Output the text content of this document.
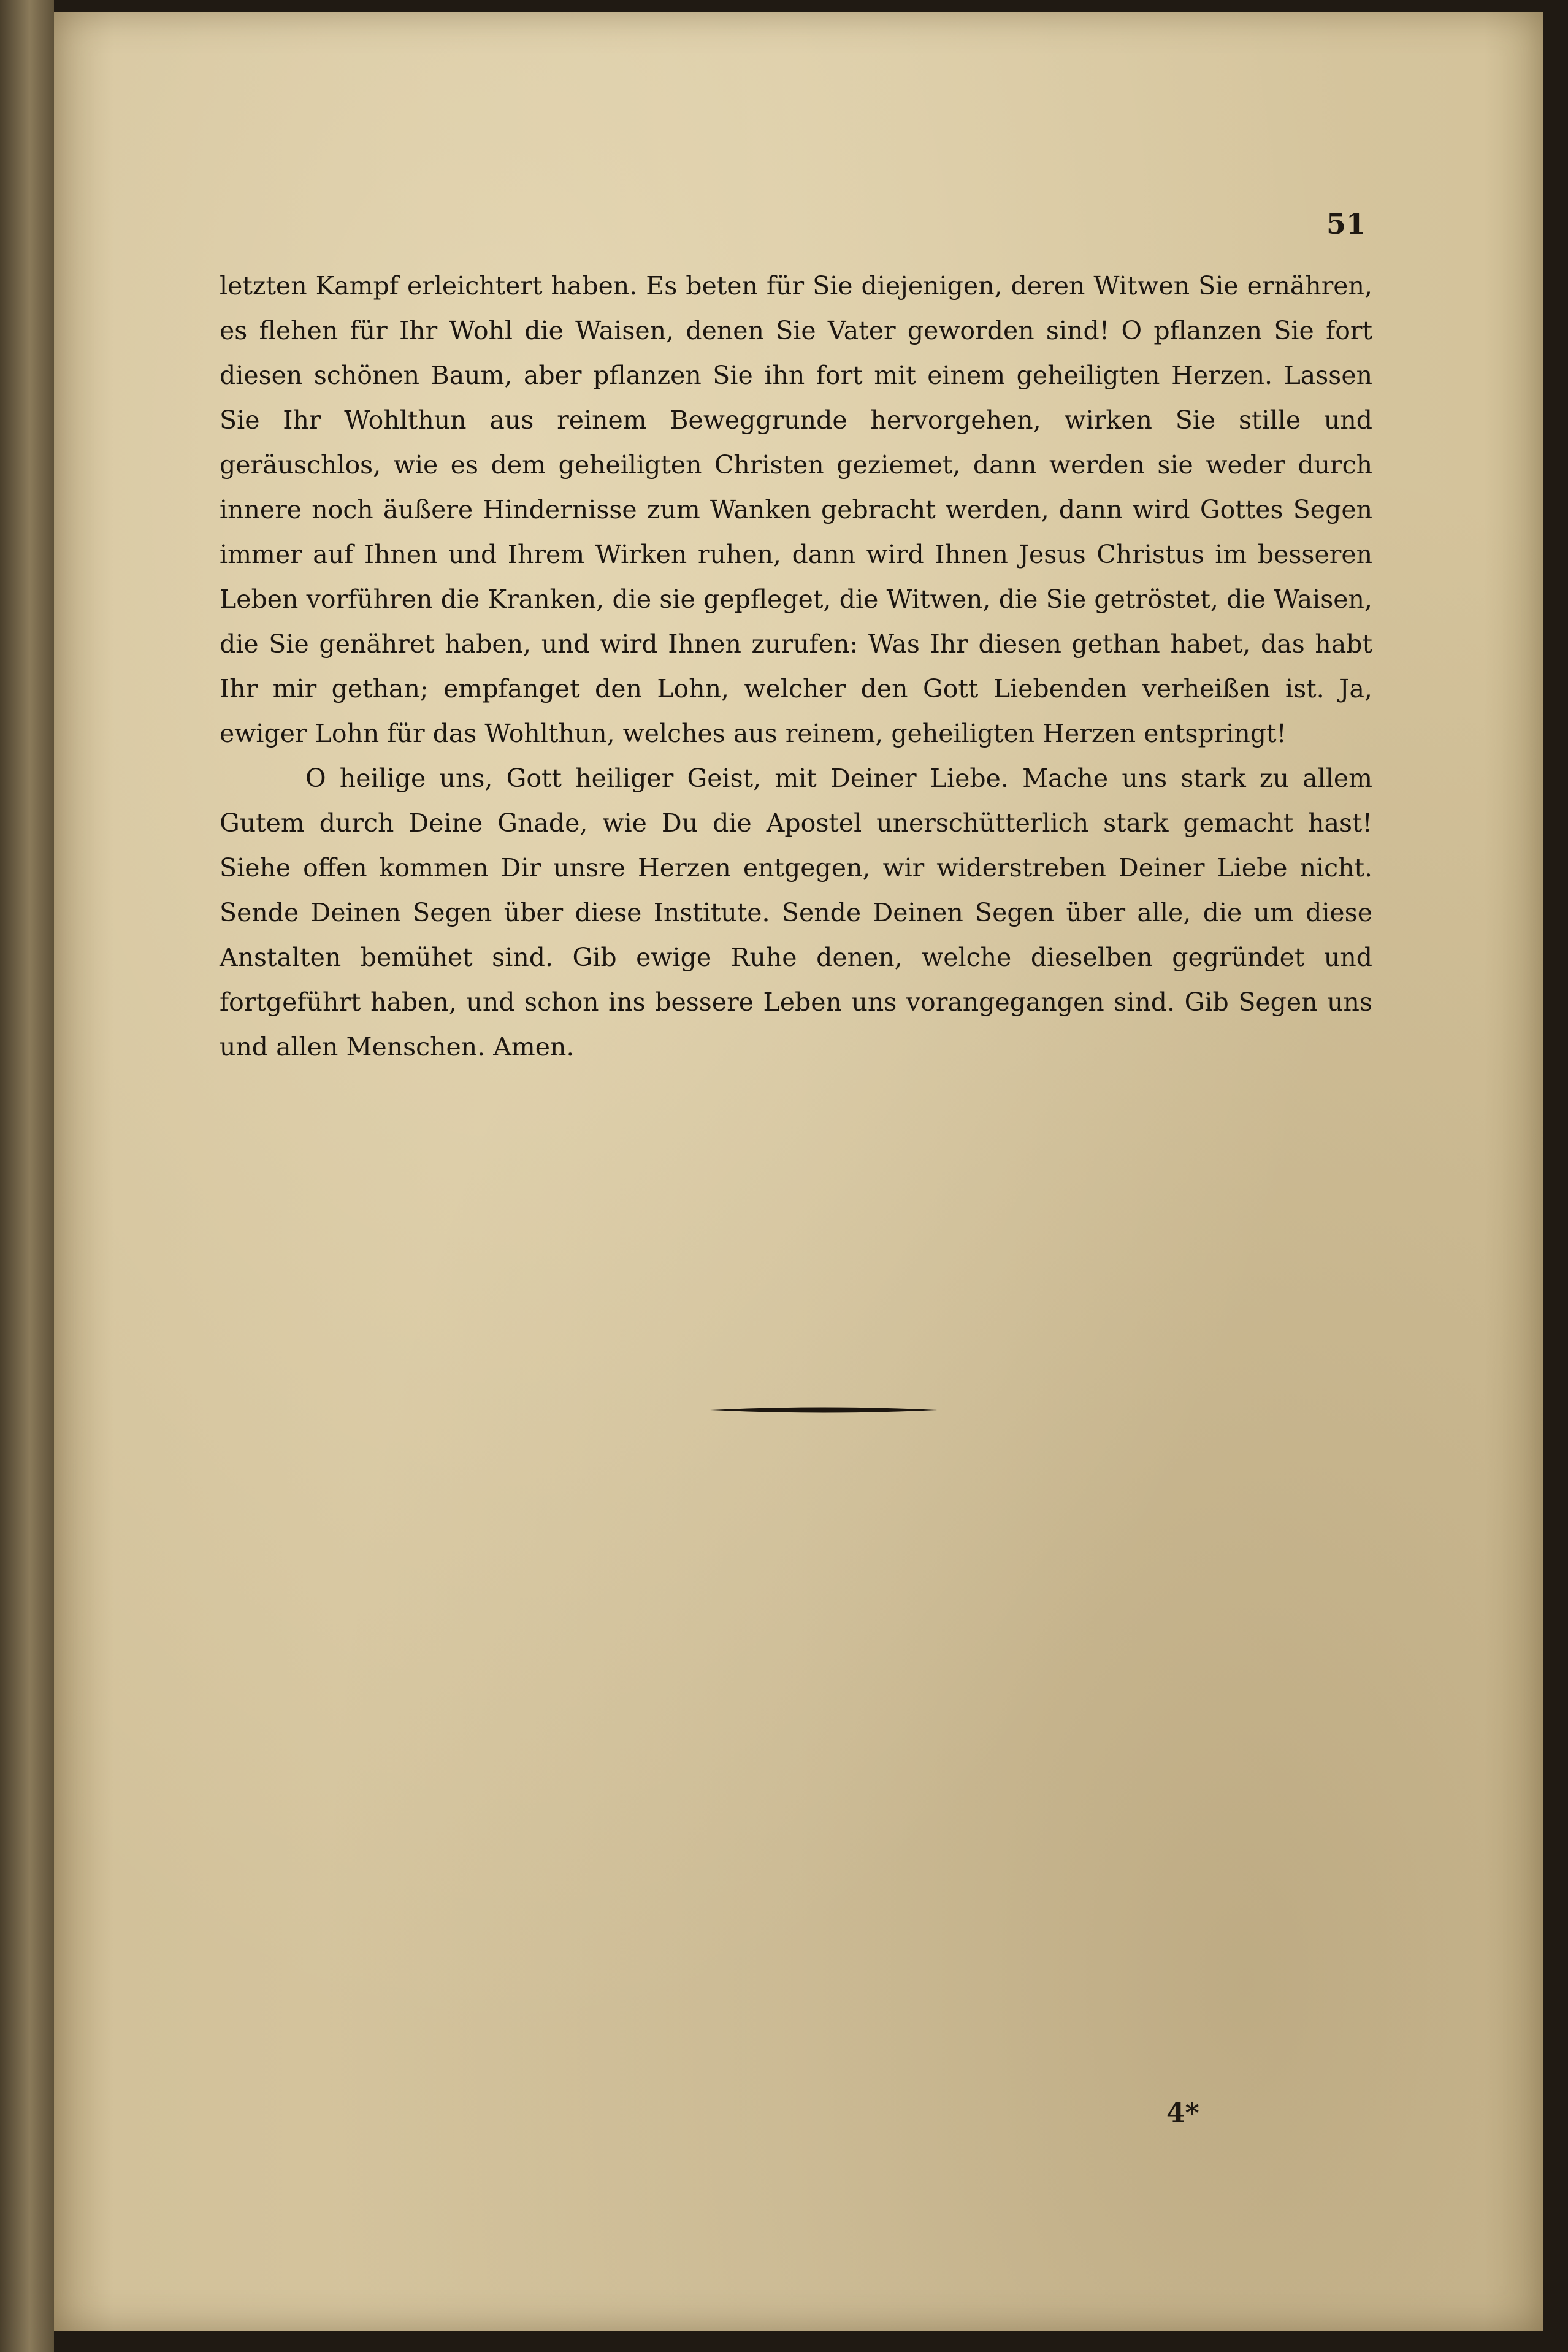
51

letzten Kampf erleichtert haben. Es beten für Sie diejenigen, deren Witwen Sie ernähren, es flehen für Ihr Wohl die Waisen, denen Sie Vater geworden sind! O pflanzen Sie fort diesen schönen Baum, aber pflanzen Sie ihn fort mit einem geheiligten Herzen. Lassen Sie Ihr Wohlthun aus reinem Beweggrunde hervorgehen, wirken Sie stille und geräuschlos, wie es dem geheiligten Christen geziemet, dann werden sie weder durch innere noch äußere Hindernisse zum Wanken gebracht werden, dann wird Gottes Segen immer auf Ihnen und Ihrem Wirken ruhen, dann wird Ihnen Jesus Christus im besseren Leben vorführen die Kranken, die sie gepfleget, die Witwen, die Sie getröstet, die Waisen, die Sie genähret haben, und wird Ihnen zurufen: Was Ihr diesen gethan habet, das habt Ihr mir gethan; empfanget den Lohn, welcher den Gott Liebenden verheißen ist. Ja, ewiger Lohn für das Wohlthun, welches aus reinem, geheiligten Herzen entspringt!

O heilige uns, Gott heiliger Geist, mit Deiner Liebe. Mache uns stark zu allem Gutem durch Deine Gnade, wie Du die Apostel unerschütterlich stark gemacht hast! Siehe offen kommen Dir unsre Herzen entgegen, wir widerstreben Deiner Liebe nicht. Sende Deinen Segen über diese Institute. Sende Deinen Segen über alle, die um diese Anstalten bemühet sind. Gib ewige Ruhe denen, welche dieselben gegründet und fortgeführt haben, und schon ins bessere Leben uns vorangegangen sind. Gib Segen uns und allen Menschen. Amen.

4*
